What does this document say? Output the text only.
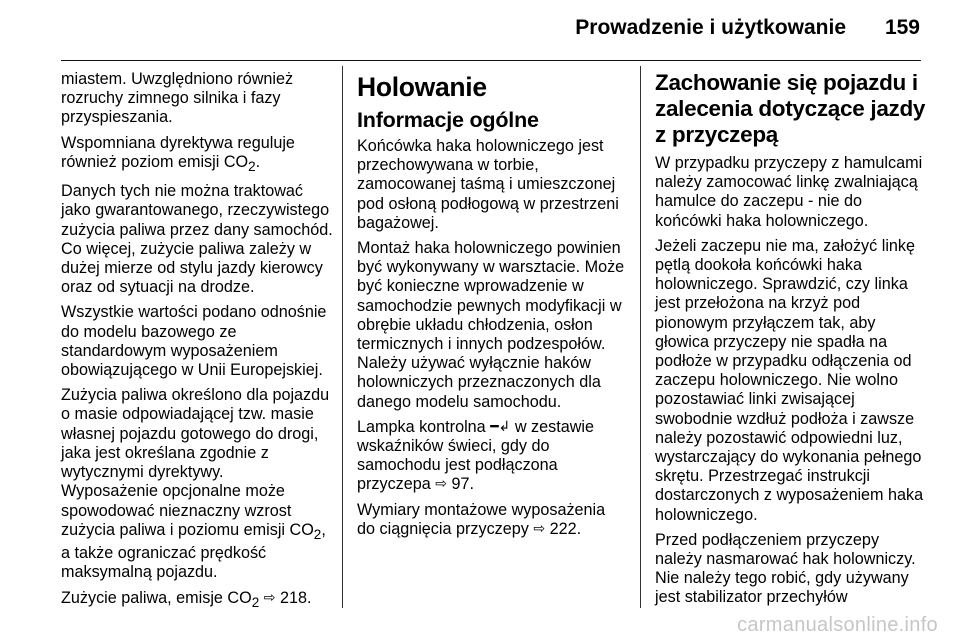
Prowadzenie i użytkowanie 159

miastem. Uwzględniono również rozruchy zimnego silnika i fazy przyspieszania.

Wspomniana dyrektywa reguluje również poziom emisji $CO_2$.

Danych tych nie można traktować jako gwarantowanego, rzeczywistego zużycia paliwa przez dany samochód. Co więcej, zużycie paliwa zależy w dużej mierze od stylu jazdy kierowcy oraz od sytuacji na drodze.

Wszystkie wartości podano odnośnie do modelu bazowego ze standardowym wyposażeniem obowiązującego w Unii Europejskiej.

Zużycia paliwa określono dla pojazdu o masie odpowiadającej tzw. masie własnej pojazdu gotowego do drogi, jaka jest określana zgodnie z wytycznymi dyrektywy.

Wyposażenie opcjonalne może spowodować nieznaczny wzrost zużycia paliwa i poziomu emisji $CO_2$, a także ograniczać prędkość maksymalną pojazdu.

Zużycie paliwa, emisje $CO_2$ ⇨ 218.

Holowanie
Informacje ogólne

Końcówka haka holowniczego jest przechowywana w torbie, zamocowanej taśmą i umieszczonej pod osłoną podłogową w przestrzeni bagażowej.

Montaż haka holowniczego powinien być wykonywany w warsztacie. Może być konieczne wprowadzenie w samochodzie pewnych modyfikacji w obrębie układu chłodzenia, osłon termicznych i innych podzespołów. Należy używać wyłącznie haków holowniczych przeznaczonych dla danego modelu samochodu.

Lampka kontrolna ━↲ w zestawie wskaźników świeci, gdy do samochodu jest podłączona przyczepa ⇨ 97.

Wymiary montażowe wyposażenia do ciągnięcia przyczepy ⇨ 222.

Zachowanie się pojazdu i zalecenia dotyczące jazdy z przyczepą

W przypadku przyczepy z hamulcami należy zamocować linkę zwalniającą hamulce do zaczepu - nie do końcówki haka holowniczego.

Jeżeli zaczepu nie ma, założyć linkę pętlą dookoła końcówki haka holowniczego. Sprawdzić, czy linka jest przełożona na krzyż pod pionowym przyłączem tak, aby głowica przyczepy nie spadła na podłoże w przypadku odłączenia od zaczepu holowniczego. Nie wolno pozostawiać linki zwisającej swobodnie wzdłuż podłoża i zawsze należy pozostawić odpowiedni luz, wystarczający do wykonania pełnego skrętu. Przestrzegać instrukcji dostarczonych z wyposażeniem haka holowniczego.

Przed podłączeniem przyczepy należy nasmarować hak holowniczy. Nie należy tego robić, gdy używany jest stabilizator przechyłów

carmanualsonline.info
